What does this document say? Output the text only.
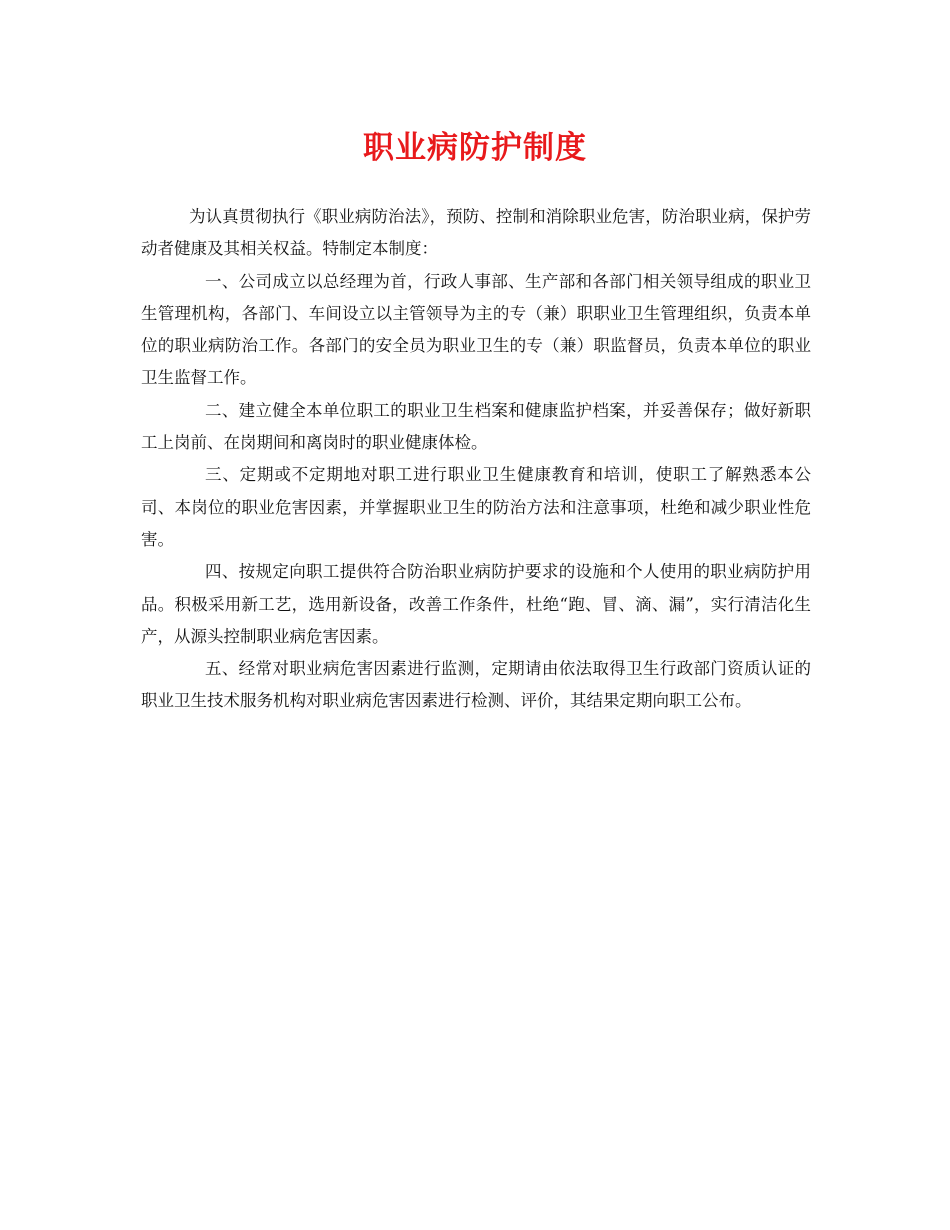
职业病防护制度

为认真贯彻执行《职业病防治法》，预防、控制和消除职业危害，防治职业病，保护劳动者健康及其相关权益。特制定本制度：

一、公司成立以总经理为首，行政人事部、生产部和各部门相关领导组成的职业卫生管理机构，各部门、车间设立以主管领导为主的专（兼）职职业卫生管理组织，负责本单位的职业病防治工作。各部门的安全员为职业卫生的专（兼）职监督员，负责本单位的职业卫生监督工作。

二、建立健全本单位职工的职业卫生档案和健康监护档案，并妥善保存；做好新职工上岗前、在岗期间和离岗时的职业健康体检。

三、定期或不定期地对职工进行职业卫生健康教育和培训，使职工了解熟悉本公司、本岗位的职业危害因素，并掌握职业卫生的防治方法和注意事项，杜绝和减少职业性危害。

四、按规定向职工提供符合防治职业病防护要求的设施和个人使用的职业病防护用品。积极采用新工艺，选用新设备，改善工作条件，杜绝“跑、冒、滴、漏”，实行清洁化生产，从源头控制职业病危害因素。

五、经常对职业病危害因素进行监测，定期请由依法取得卫生行政部门资质认证的职业卫生技术服务机构对职业病危害因素进行检测、评价，其结果定期向职工公布。
